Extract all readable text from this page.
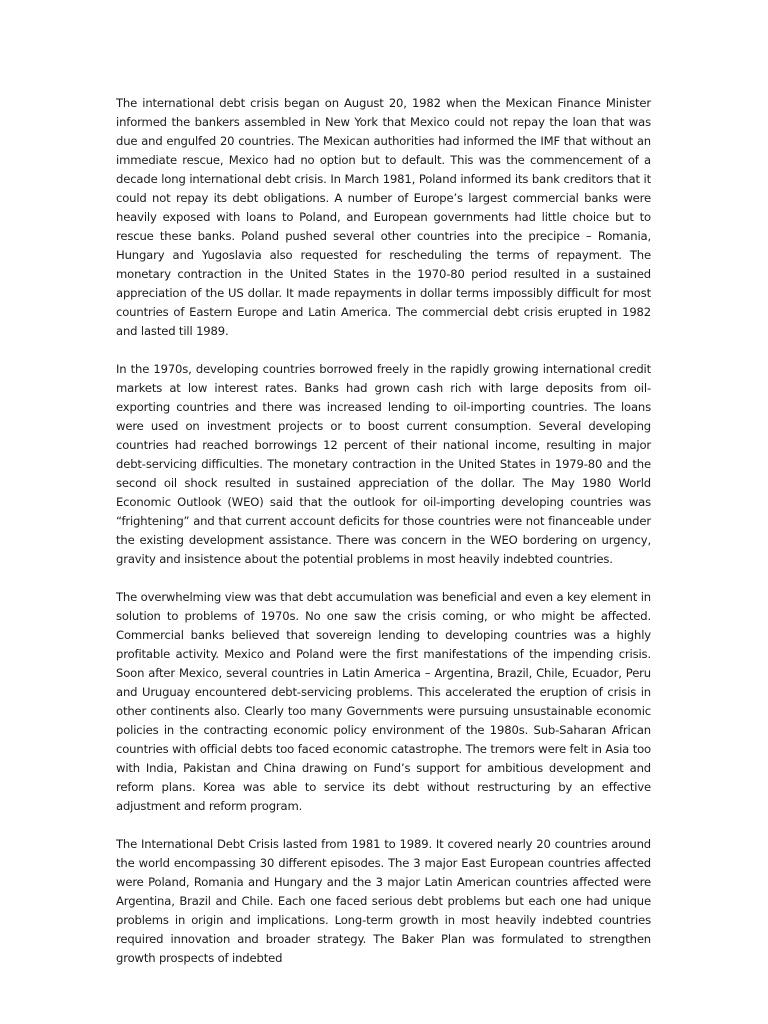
The international debt crisis began on August 20, 1982 when the Mexican Finance Minister informed the bankers assembled in New York that Mexico could not repay the loan that was due and engulfed 20 countries. The Mexican authorities had informed the IMF that without an immediate rescue, Mexico had no option but to default. This was the commencement of a decade long international debt crisis. In March 1981, Poland informed its bank creditors that it could not repay its debt obligations. A number of Europe’s largest commercial banks were heavily exposed with loans to Poland, and European governments had little choice but to rescue these banks. Poland pushed several other countries into the precipice – Romania, Hungary and Yugoslavia also requested for rescheduling the terms of repayment. The monetary contraction in the United States in the 1970-80 period resulted in a sustained appreciation of the US dollar. It made repayments in dollar terms impossibly difficult for most countries of Eastern Europe and Latin America. The commercial debt crisis erupted in 1982 and lasted till 1989.

In the 1970s, developing countries borrowed freely in the rapidly growing international credit markets at low interest rates. Banks had grown cash rich with large deposits from oil-exporting countries and there was increased lending to oil-importing countries. The loans were used on investment projects or to boost current consumption. Several developing countries had reached borrowings 12 percent of their national income, resulting in major debt-servicing difficulties. The monetary contraction in the United States in 1979-80 and the second oil shock resulted in sustained appreciation of the dollar. The May 1980 World Economic Outlook (WEO) said that the outlook for oil-importing developing countries was “frightening” and that current account deficits for those countries were not financeable under the existing development assistance. There was concern in the WEO bordering on urgency, gravity and insistence about the potential problems in most heavily indebted countries.

The overwhelming view was that debt accumulation was beneficial and even a key element in solution to problems of 1970s. No one saw the crisis coming, or who might be affected. Commercial banks believed that sovereign lending to developing countries was a highly profitable activity. Mexico and Poland were the first manifestations of the impending crisis. Soon after Mexico, several countries in Latin America – Argentina, Brazil, Chile, Ecuador, Peru and Uruguay encountered debt-servicing problems. This accelerated the eruption of crisis in other continents also. Clearly too many Governments were pursuing unsustainable economic policies in the contracting economic policy environment of the 1980s. Sub-Saharan African countries with official debts too faced economic catastrophe. The tremors were felt in Asia too with India, Pakistan and China drawing on Fund’s support for ambitious development and reform plans. Korea was able to service its debt without restructuring by an effective adjustment and reform program.

The International Debt Crisis lasted from 1981 to 1989. It covered nearly 20 countries around the world encompassing 30 different episodes. The 3 major East European countries affected were Poland, Romania and Hungary and the 3 major Latin American countries affected were Argentina, Brazil and Chile. Each one faced serious debt problems but each one had unique problems in origin and implications. Long-term growth in most heavily indebted countries required innovation and broader strategy. The Baker Plan was formulated to strengthen growth prospects of indebted
